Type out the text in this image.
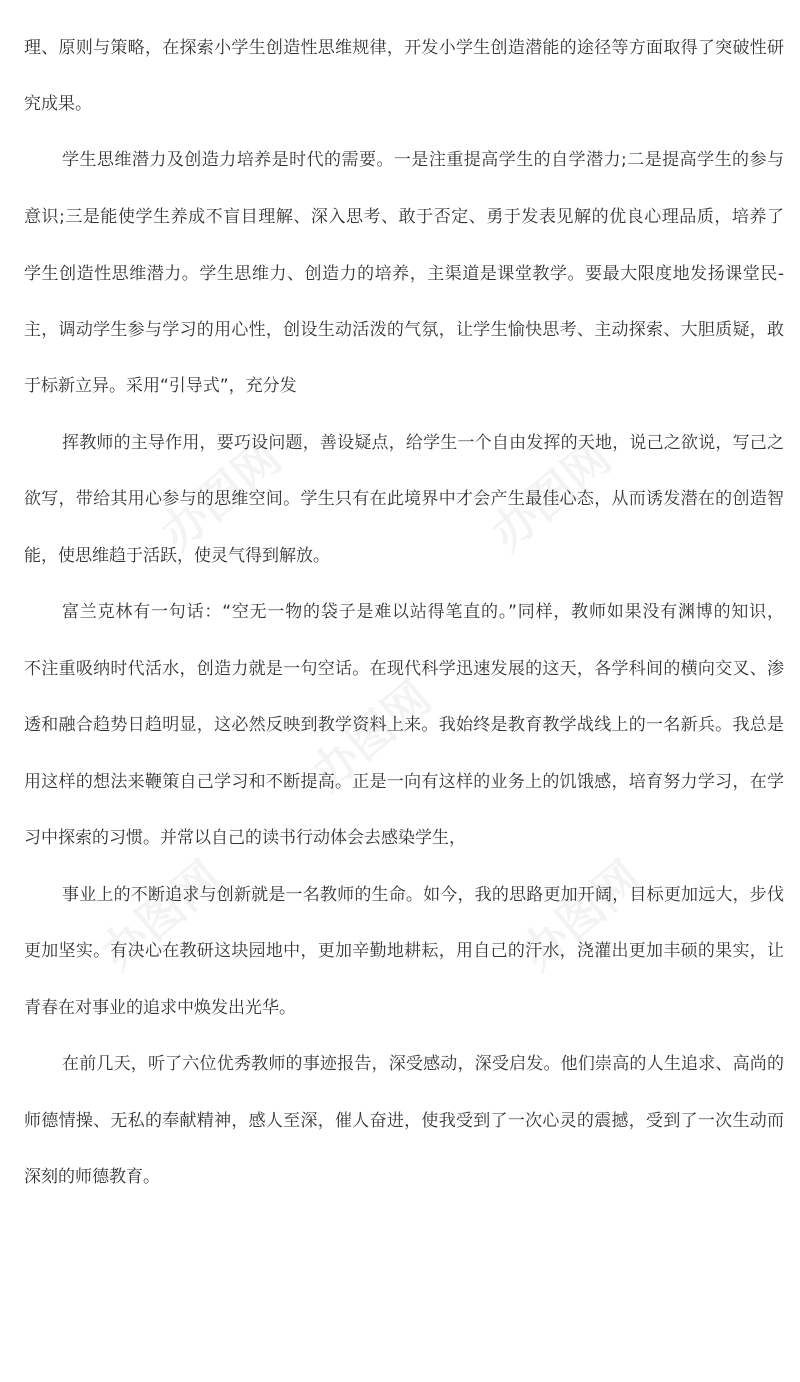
理、原则与策略，在探索小学生创造性思维规律，开发小学生创造潜能的途径等方面取得了突破性研
究成果。
学生思维潜力及创造力培养是时代的需要。一是注重提高学生的自学潜力;二是提高学生的参与
意识;三是能使学生养成不盲目理解、深入思考、敢于否定、勇于发表见解的优良心理品质，培养了
学生创造性思维潜力。学生思维力、创造力的培养，主渠道是课堂教学。要最大限度地发扬课堂民-
主，调动学生参与学习的用心性，创设生动活泼的气氛，让学生愉快思考、主动探索、大胆质疑，敢
于标新立异。采用“引导式”，充分发
挥教师的主导作用，要巧设问题，善设疑点，给学生一个自由发挥的天地，说己之欲说，写己之
欲写，带给其用心参与的思维空间。学生只有在此境界中才会产生最佳心态，从而诱发潜在的创造智
能，使思维趋于活跃，使灵气得到解放。
富兰克林有一句话：“空无一物的袋子是难以站得笔直的。”同样，教师如果没有渊博的知识，
不注重吸纳时代活水，创造力就是一句空话。在现代科学迅速发展的这天，各学科间的横向交叉、渗
透和融合趋势日趋明显，这必然反映到教学资料上来。我始终是教育教学战线上的一名新兵。我总是
用这样的想法来鞭策自己学习和不断提高。正是一向有这样的业务上的饥饿感，培育努力学习，在学
习中探索的习惯。并常以自己的读书行动体会去感染学生，
事业上的不断追求与创新就是一名教师的生命。如今，我的思路更加开阔，目标更加远大，步伐
更加坚实。有决心在教研这块园地中，更加辛勤地耕耘，用自己的汗水，浇灌出更加丰硕的果实，让
青春在对事业的追求中焕发出光华。
在前几天，听了六位优秀教师的事迹报告，深受感动，深受启发。他们崇高的人生追求、高尚的
师德情操、无私的奉献精神，感人至深，催人奋进，使我受到了一次心灵的震撼，受到了一次生动而
深刻的师德教育。
